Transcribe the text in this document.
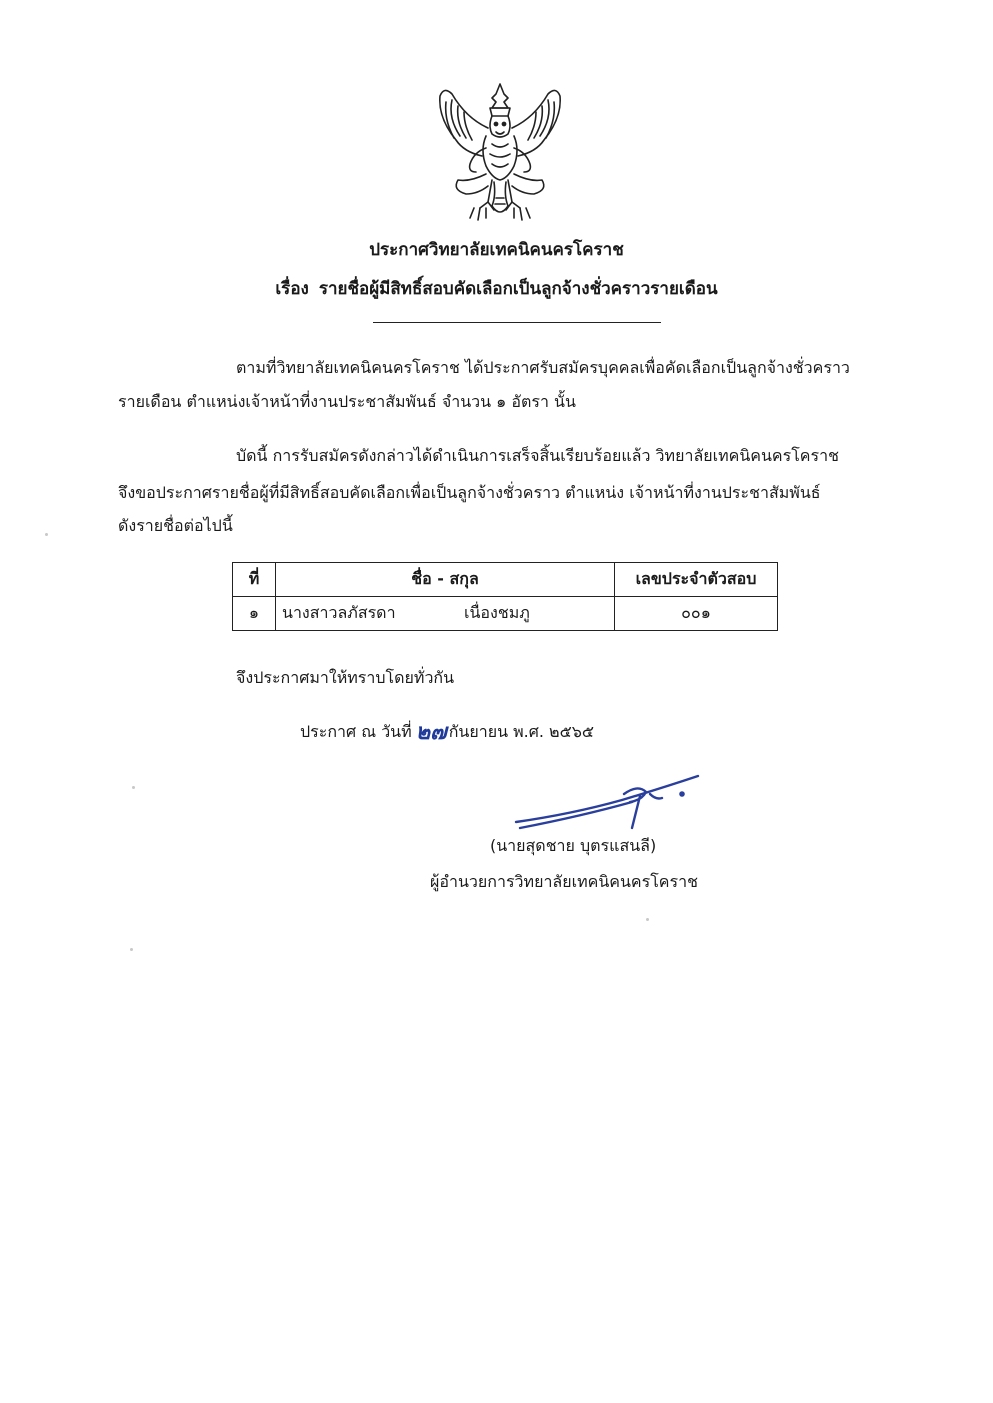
ประกาศวิทยาลัยเทคนิคนครโคราช
เรื่อง รายชื่อผู้มีสิทธิ์สอบคัดเลือกเป็นลูกจ้างชั่วคราวรายเดือน
ตามที่วิทยาลัยเทคนิคนครโคราช ได้ประกาศรับสมัครบุคคลเพื่อคัดเลือกเป็นลูกจ้างชั่วคราว
รายเดือน ตำแหน่งเจ้าหน้าที่งานประชาสัมพันธ์ จำนวน ๑ อัตรา นั้น
บัดนี้ การรับสมัครดังกล่าวได้ดำเนินการเสร็จสิ้นเรียบร้อยแล้ว วิทยาลัยเทคนิคนครโคราช
จึงขอประกาศรายชื่อผู้ที่มีสิทธิ์สอบคัดเลือกเพื่อเป็นลูกจ้างชั่วคราว ตำแหน่ง เจ้าหน้าที่งานประชาสัมพันธ์
ดังรายชื่อต่อไปนี้
ที่	ชื่อ - สกุล	เลขประจำตัวสอบ
๑	นางสาวลภัสรดา เนื่องชมภู	๐๐๑
จึงประกาศมาให้ทราบโดยทั่วกัน
ประกาศ ณ วันที่ ๒๗ กันยายน พ.ศ. ๒๕๖๕
(นายสุดชาย บุตรแสนลี)
ผู้อำนวยการวิทยาลัยเทคนิคนครโคราช
